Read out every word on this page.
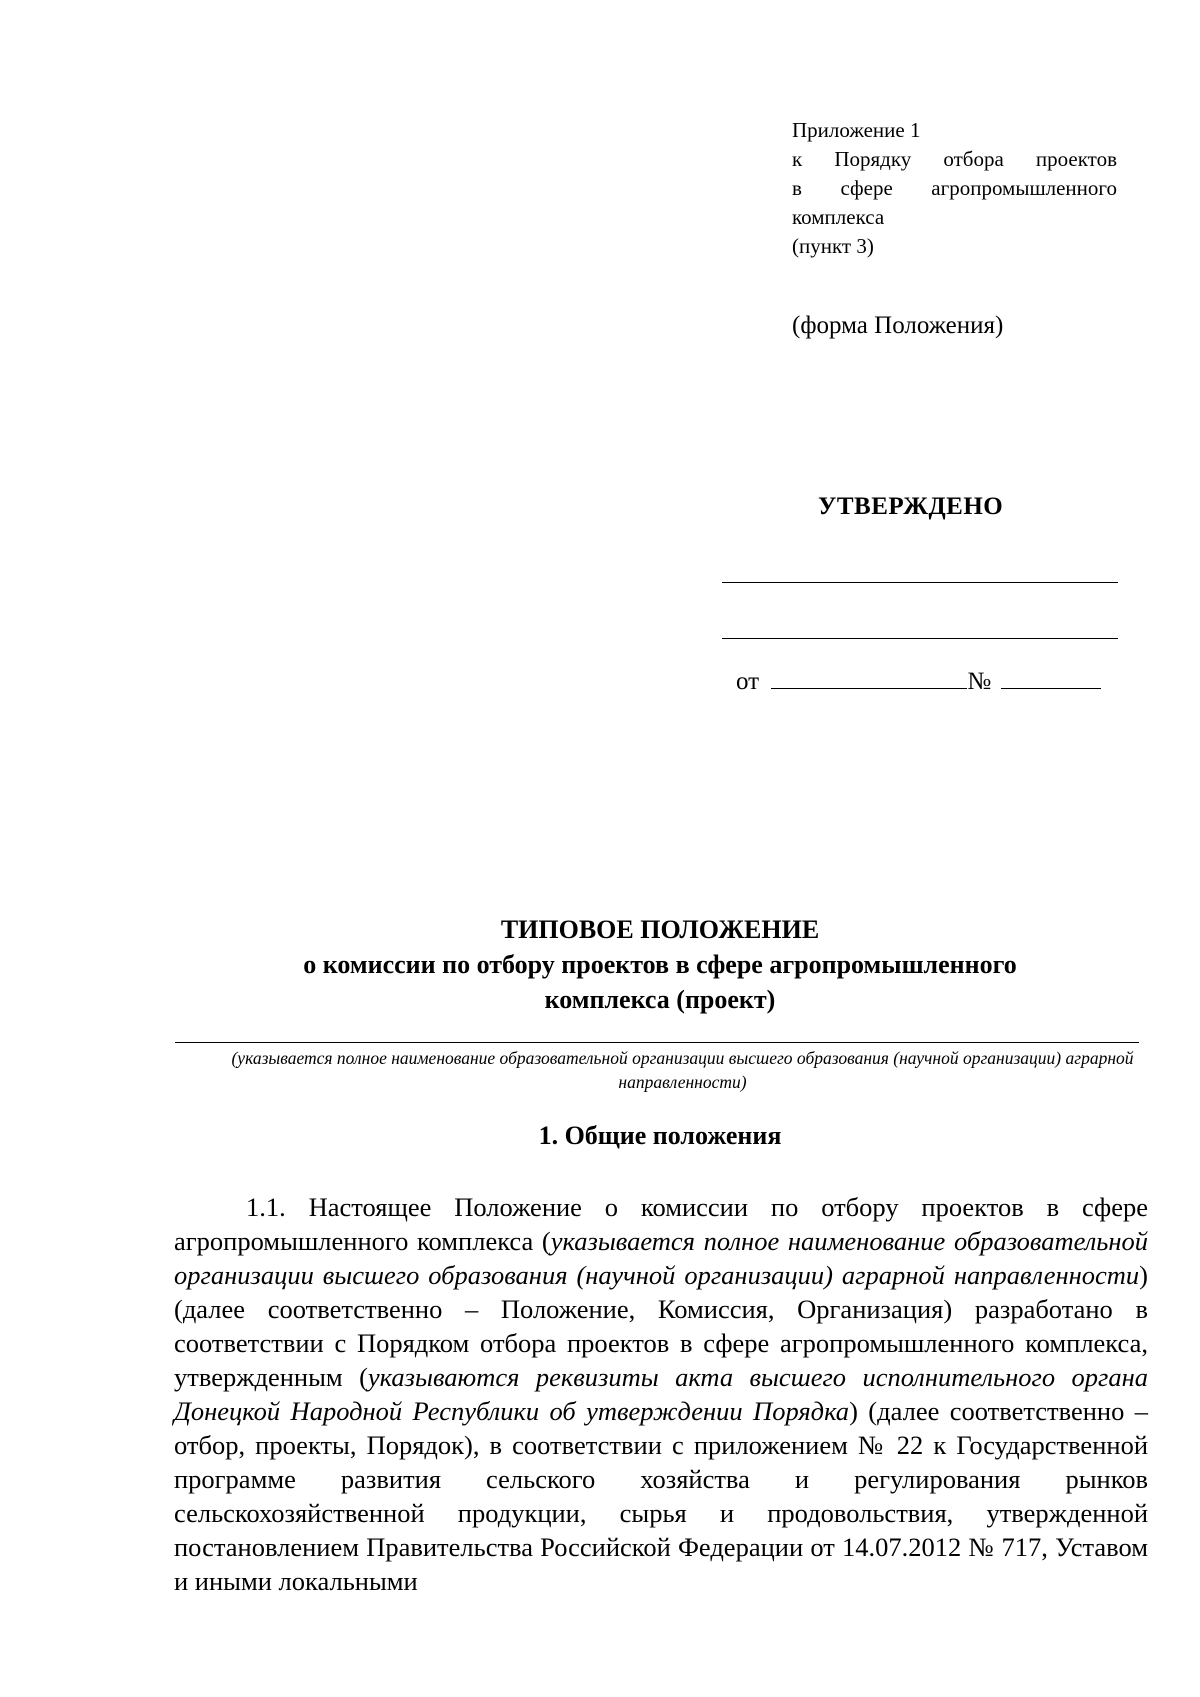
Приложение 1
к Порядку отбора проектов
в сфере агропромышленного
комплекса
(пункт 3)
(форма Положения)
УТВЕРЖДЕНО
от	№
ТИПОВОЕ ПОЛОЖЕНИЕ
о комиссии по отбору проектов в сфере агропромышленного
комплекса (проект)
(указывается полное наименование образовательной организации высшего образования (научной организации) аграрной направленности)
1. Общие положения
1.1. Настоящее Положение о комиссии по отбору проектов в сфере агропромышленного комплекса (указывается полное наименование образовательной организации высшего образования (научной организации) аграрной направленности) (далее соответственно – Положение, Комиссия, Организация) разработано в соответствии с Порядком отбора проектов в сфере агропромышленного комплекса, утвержденным (указываются реквизиты акта высшего исполнительного органа Донецкой Народной Республики об утверждении Порядка) (далее соответственно – отбор, проекты, Порядок), в соответствии с приложением № 22 к Государственной программе развития сельского хозяйства и регулирования рынков сельскохозяйственной продукции, сырья и продовольствия, утвержденной постановлением Правительства Российской Федерации от 14.07.2012 № 717, Уставом и иными локальными
